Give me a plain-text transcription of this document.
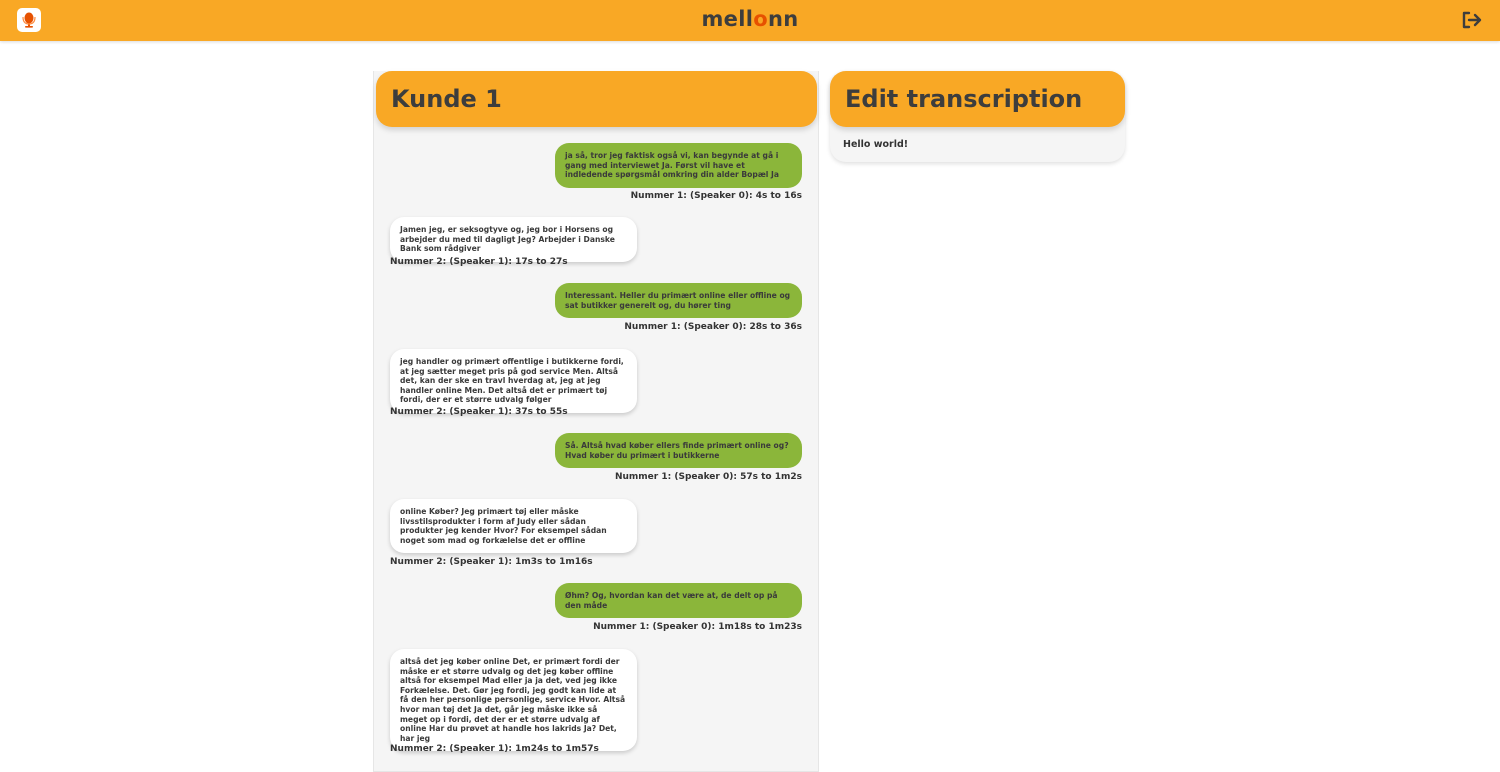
mellonn
Kunde 1
ja så, tror jeg faktisk også vi, kan begynde at gå i gang med interviewet Ja. Først vil have et indledende spørgsmål omkring din alder Bopæl Ja
Nummer 1: (Speaker 0): 4s to 16s
Jamen jeg, er seksogtyve og, jeg bor i Horsens og arbejder du med til dagligt Jeg? Arbejder i Danske Bank som rådgiver
Nummer 2: (Speaker 1): 17s to 27s
Interessant. Heller du primært online eller offline og sat butikker generelt og, du hører ting
Nummer 1: (Speaker 0): 28s to 36s
jeg handler og primært offentlige i butikkerne fordi, at jeg sætter meget pris på god service Men. Altså det, kan der ske en travl hverdag at, jeg at jeg handler online Men. Det altså det er primært tøj fordi, der er et større udvalg følger
Nummer 2: (Speaker 1): 37s to 55s
Så. Altså hvad køber ellers finde primært online og? Hvad køber du primært i butikkerne
Nummer 1: (Speaker 0): 57s to 1m2s
online Køber? Jeg primært tøj eller måske livsstilsprodukter i form af Judy eller sådan produkter jeg kender Hvor? For eksempel sådan noget som mad og forkælelse det er offline
Nummer 2: (Speaker 1): 1m3s to 1m16s
Øhm? Og, hvordan kan det være at, de delt op på den måde
Nummer 1: (Speaker 0): 1m18s to 1m23s
altså det jeg køber online Det, er primært fordi der måske er et større udvalg og det jeg køber offline altså for eksempel Mad eller ja ja det, ved jeg ikke Forkælelse. Det. Gør jeg fordi, jeg godt kan lide at få den her personlige personlige, service Hvor. Altså hvor man tøj det Ja det, går jeg måske ikke så meget op i fordi, det der er et større udvalg af online Har du prøvet at handle hos lakrids Ja? Det, har jeg
Nummer 2: (Speaker 1): 1m24s to 1m57s
Edit transcription
Hello world!
